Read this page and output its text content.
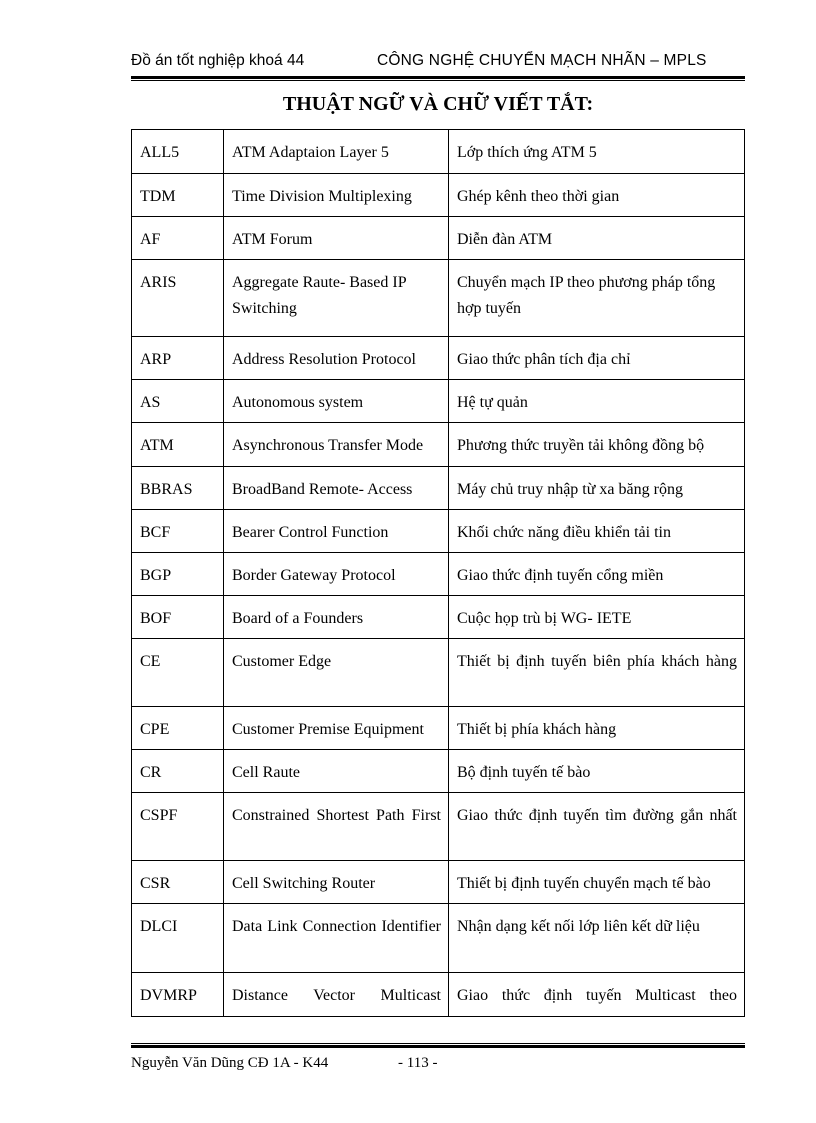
Đồ án tốt nghiệp khoá 44	CÔNG NGHỆ CHUYỂN MẠCH NHÃN – MPLS
THUẬT NGỮ VÀ CHỮ VIẾT TẮT:
ALL5	ATM Adaptaion Layer 5	Lớp thích ứng ATM 5
TDM	Time Division Multiplexing	Ghép kênh theo thời gian
AF	ATM Forum	Diễn đàn ATM
ARIS	Aggregate Raute- Based IP Switching	Chuyển mạch IP theo phương pháp tổng hợp tuyến
ARP	Address Resolution Protocol	Giao thức phân tích địa chỉ
AS	Autonomous system	Hệ tự quản
ATM	Asynchronous Transfer Mode	Phương thức truyền tải không đồng bộ
BBRAS	BroadBand Remote- Access	Máy chủ truy nhập từ xa băng rộng
BCF	Bearer Control Function	Khối chức năng điều khiển tải tin
BGP	Border Gateway Protocol	Giao thức định tuyến cổng miền
BOF	Board of a Founders	Cuộc họp trù bị WG- IETE
CE	Customer Edge	Thiết bị định tuyến biên phía khách hàng
CPE	Customer Premise Equipment	Thiết bị phía khách hàng
CR	Cell Raute	Bộ định tuyến tế bào
CSPF	Constrained Shortest Path First	Giao thức định tuyến tìm đường gắn nhất
CSR	Cell Switching Router	Thiết bị định tuyến chuyển mạch tế bào
DLCI	Data Link Connection Identifier	Nhận dạng kết nối lớp liên kết dữ liệu
DVMRP	Distance Vector Multicast	Giao thức định tuyến Multicast theo
Nguyễn Văn Dũng CĐ 1A - K44	- 113 -
